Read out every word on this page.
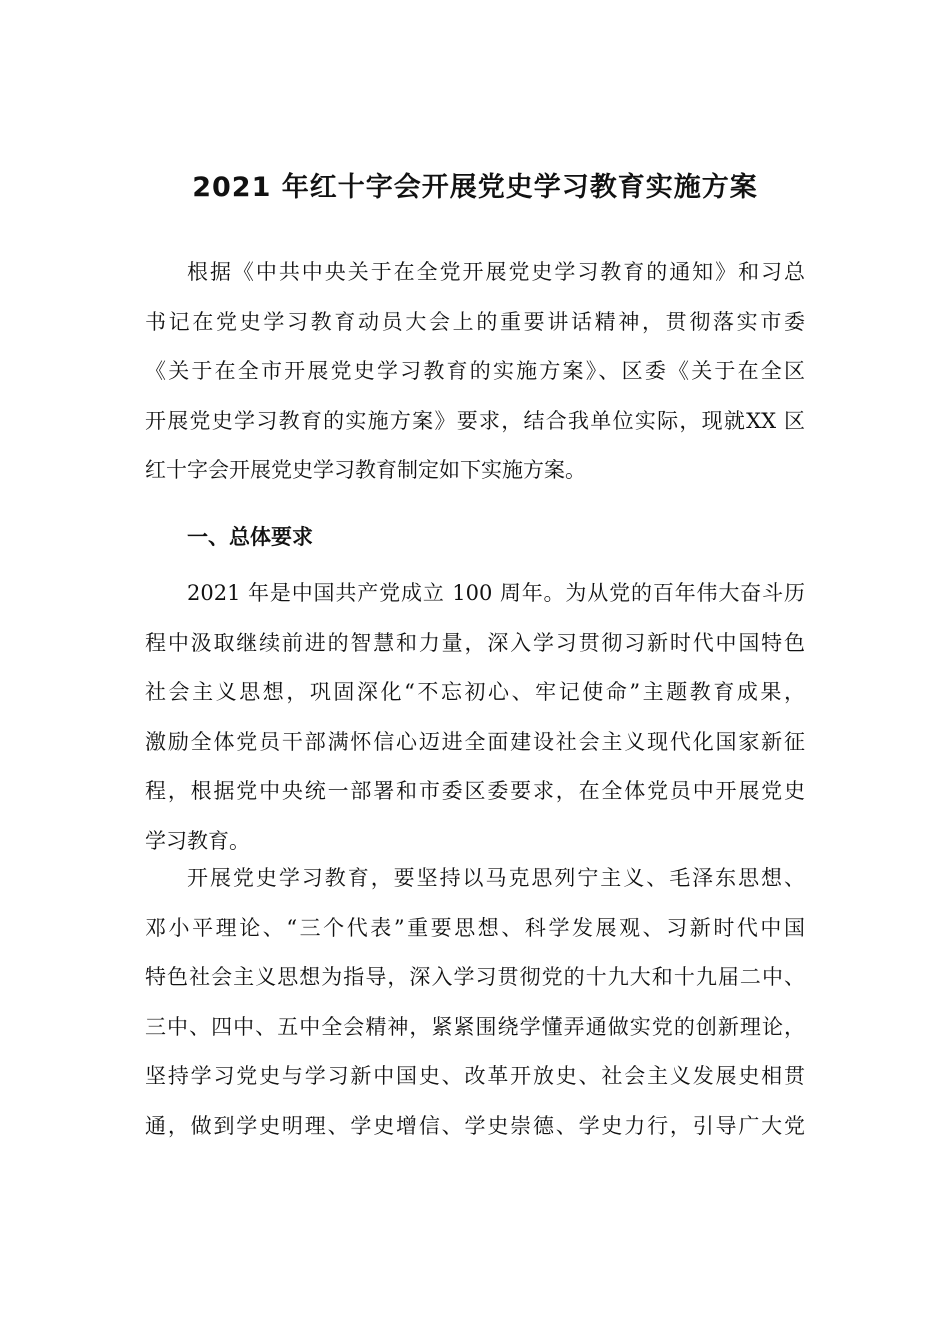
2021 年红十字会开展党史学习教育实施方案
根据《中共中央关于在全党开展党史学习教育的通知》和习总
书记在党史学习教育动员大会上的重要讲话精神，贯彻落实市委
《关于在全市开展党史学习教育的实施方案》、区委《关于在全区
开展党史学习教育的实施方案》要求，结合我单位实际，现就XX 区
红十字会开展党史学习教育制定如下实施方案。
一、总体要求
2021 年是中国共产党成立 100 周年。为从党的百年伟大奋斗历
程中汲取继续前进的智慧和力量，深入学习贯彻习新时代中国特色
社会主义思想，巩固深化“不忘初心、牢记使命”主题教育成果，
激励全体党员干部满怀信心迈进全面建设社会主义现代化国家新征
程，根据党中央统一部署和市委区委要求，在全体党员中开展党史
学习教育。
开展党史学习教育，要坚持以马克思列宁主义、毛泽东思想、
邓小平理论、“三个代表”重要思想、科学发展观、习新时代中国
特色社会主义思想为指导，深入学习贯彻党的十九大和十九届二中、
三中、四中、五中全会精神，紧紧围绕学懂弄通做实党的创新理论，
坚持学习党史与学习新中国史、改革开放史、社会主义发展史相贯
通，做到学史明理、学史增信、学史崇德、学史力行，引导广大党
